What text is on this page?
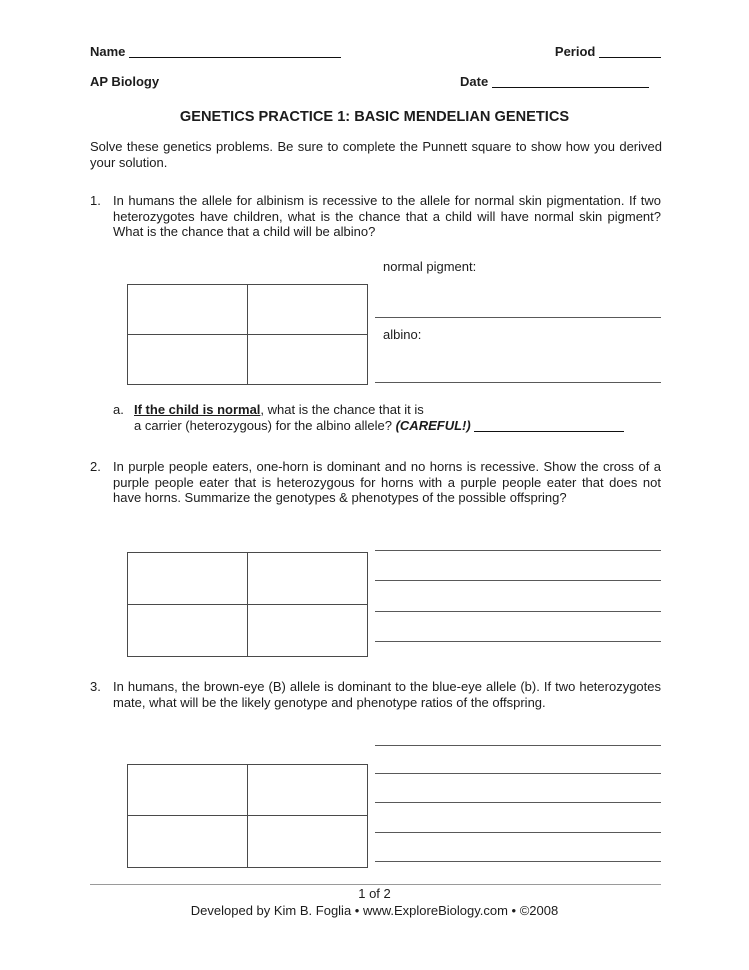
Name	Period
AP Biology	Date
GENETICS PRACTICE 1: BASIC MENDELIAN GENETICS
Solve these genetics problems. Be sure to complete the Punnett square to show how you derived your solution.
1. In humans the allele for albinism is recessive to the allele for normal skin pigmentation. If two heterozygotes have children, what is the chance that a child will have normal skin pigment? What is the chance that a child will be albino?
normal pigment:
albino:
a. If the child is normal, what is the chance that it is
a carrier (heterozygous) for the albino allele? (CAREFUL!)
2. In purple people eaters, one-horn is dominant and no horns is recessive. Show the cross of a purple people eater that is heterozygous for horns with a purple people eater that does not have horns. Summarize the genotypes & phenotypes of the possible offspring?
3. In humans, the brown-eye (B) allele is dominant to the blue-eye allele (b). If two heterozygotes mate, what will be the likely genotype and phenotype ratios of the offspring.
1 of 2
Developed by Kim B. Foglia • www.ExploreBiology.com • ©2008
